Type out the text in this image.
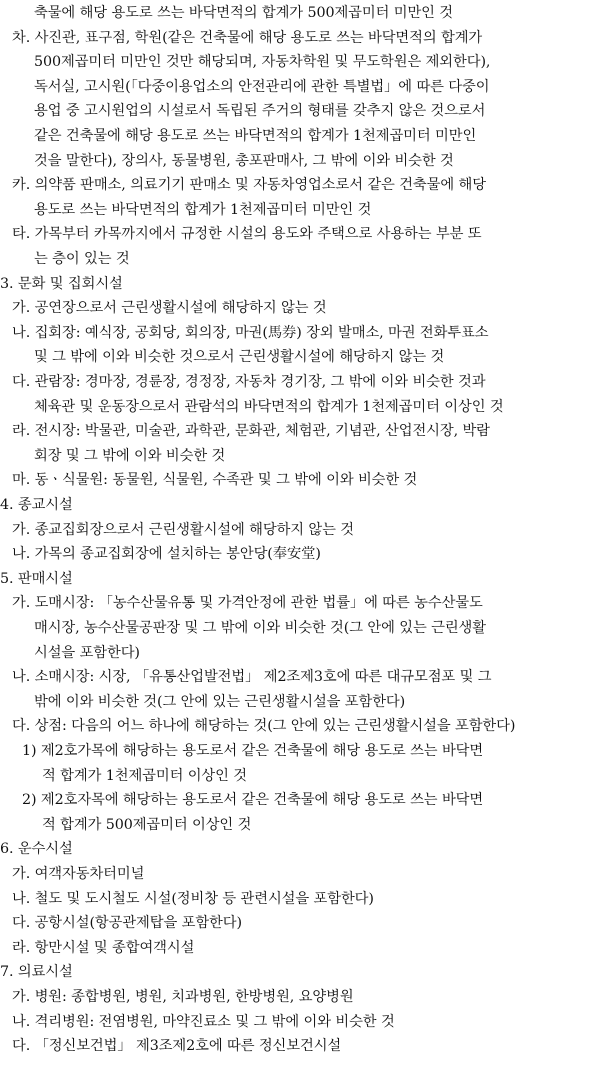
축물에 해당 용도로 쓰는 바닥면적의 합계가 500제곱미터 미만인 것
차. 사진관, 표구점, 학원(같은 건축물에 해당 용도로 쓰는 바닥면적의 합계가
500제곱미터 미만인 것만 해당되며, 자동차학원 및 무도학원은 제외한다),
독서실, 고시원(「다중이용업소의 안전관리에 관한 특별법」에 따른 다중이
용업 중 고시원업의 시설로서 독립된 주거의 형태를 갖추지 않은 것으로서
같은 건축물에 해당 용도로 쓰는 바닥면적의 합계가 1천제곱미터 미만인
것을 말한다), 장의사, 동물병원, 총포판매사, 그 밖에 이와 비슷한 것
카. 의약품 판매소, 의료기기 판매소 및 자동차영업소로서 같은 건축물에 해당
용도로 쓰는 바닥면적의 합계가 1천제곱미터 미만인 것
타. 가목부터 카목까지에서 규정한 시설의 용도와 주택으로 사용하는 부분 또
는 층이 있는 것
3. 문화 및 집회시설
가. 공연장으로서 근린생활시설에 해당하지 않는 것
나. 집회장: 예식장, 공회당, 회의장, 마권(馬券) 장외 발매소, 마권 전화투표소
및 그 밖에 이와 비슷한 것으로서 근린생활시설에 해당하지 않는 것
다. 관람장: 경마장, 경륜장, 경정장, 자동차 경기장, 그 밖에 이와 비슷한 것과
체육관 및 운동장으로서 관람석의 바닥면적의 합계가 1천제곱미터 이상인 것
라. 전시장: 박물관, 미술관, 과학관, 문화관, 체험관, 기념관, 산업전시장, 박람
회장 및 그 밖에 이와 비슷한 것
마. 동ㆍ식물원: 동물원, 식물원, 수족관 및 그 밖에 이와 비슷한 것
4. 종교시설
가. 종교집회장으로서 근린생활시설에 해당하지 않는 것
나. 가목의 종교집회장에 설치하는 봉안당(奉安堂)
5. 판매시설
가. 도매시장: 「농수산물유통 및 가격안정에 관한 법률」에 따른 농수산물도
매시장, 농수산물공판장 및 그 밖에 이와 비슷한 것(그 안에 있는 근린생활
시설을 포함한다)
나. 소매시장: 시장, 「유통산업발전법」 제2조제3호에 따른 대규모점포 및 그
밖에 이와 비슷한 것(그 안에 있는 근린생활시설을 포함한다)
다. 상점: 다음의 어느 하나에 해당하는 것(그 안에 있는 근린생활시설을 포함한다)
1) 제2호가목에 해당하는 용도로서 같은 건축물에 해당 용도로 쓰는 바닥면
적 합계가 1천제곱미터 이상인 것
2) 제2호자목에 해당하는 용도로서 같은 건축물에 해당 용도로 쓰는 바닥면
적 합계가 500제곱미터 이상인 것
6. 운수시설
가. 여객자동차터미널
나. 철도 및 도시철도 시설(정비창 등 관련시설을 포함한다)
다. 공항시설(항공관제탑을 포함한다)
라. 항만시설 및 종합여객시설
7. 의료시설
가. 병원: 종합병원, 병원, 치과병원, 한방병원, 요양병원
나. 격리병원: 전염병원, 마약진료소 및 그 밖에 이와 비슷한 것
다. 「정신보건법」 제3조제2호에 따른 정신보건시설
